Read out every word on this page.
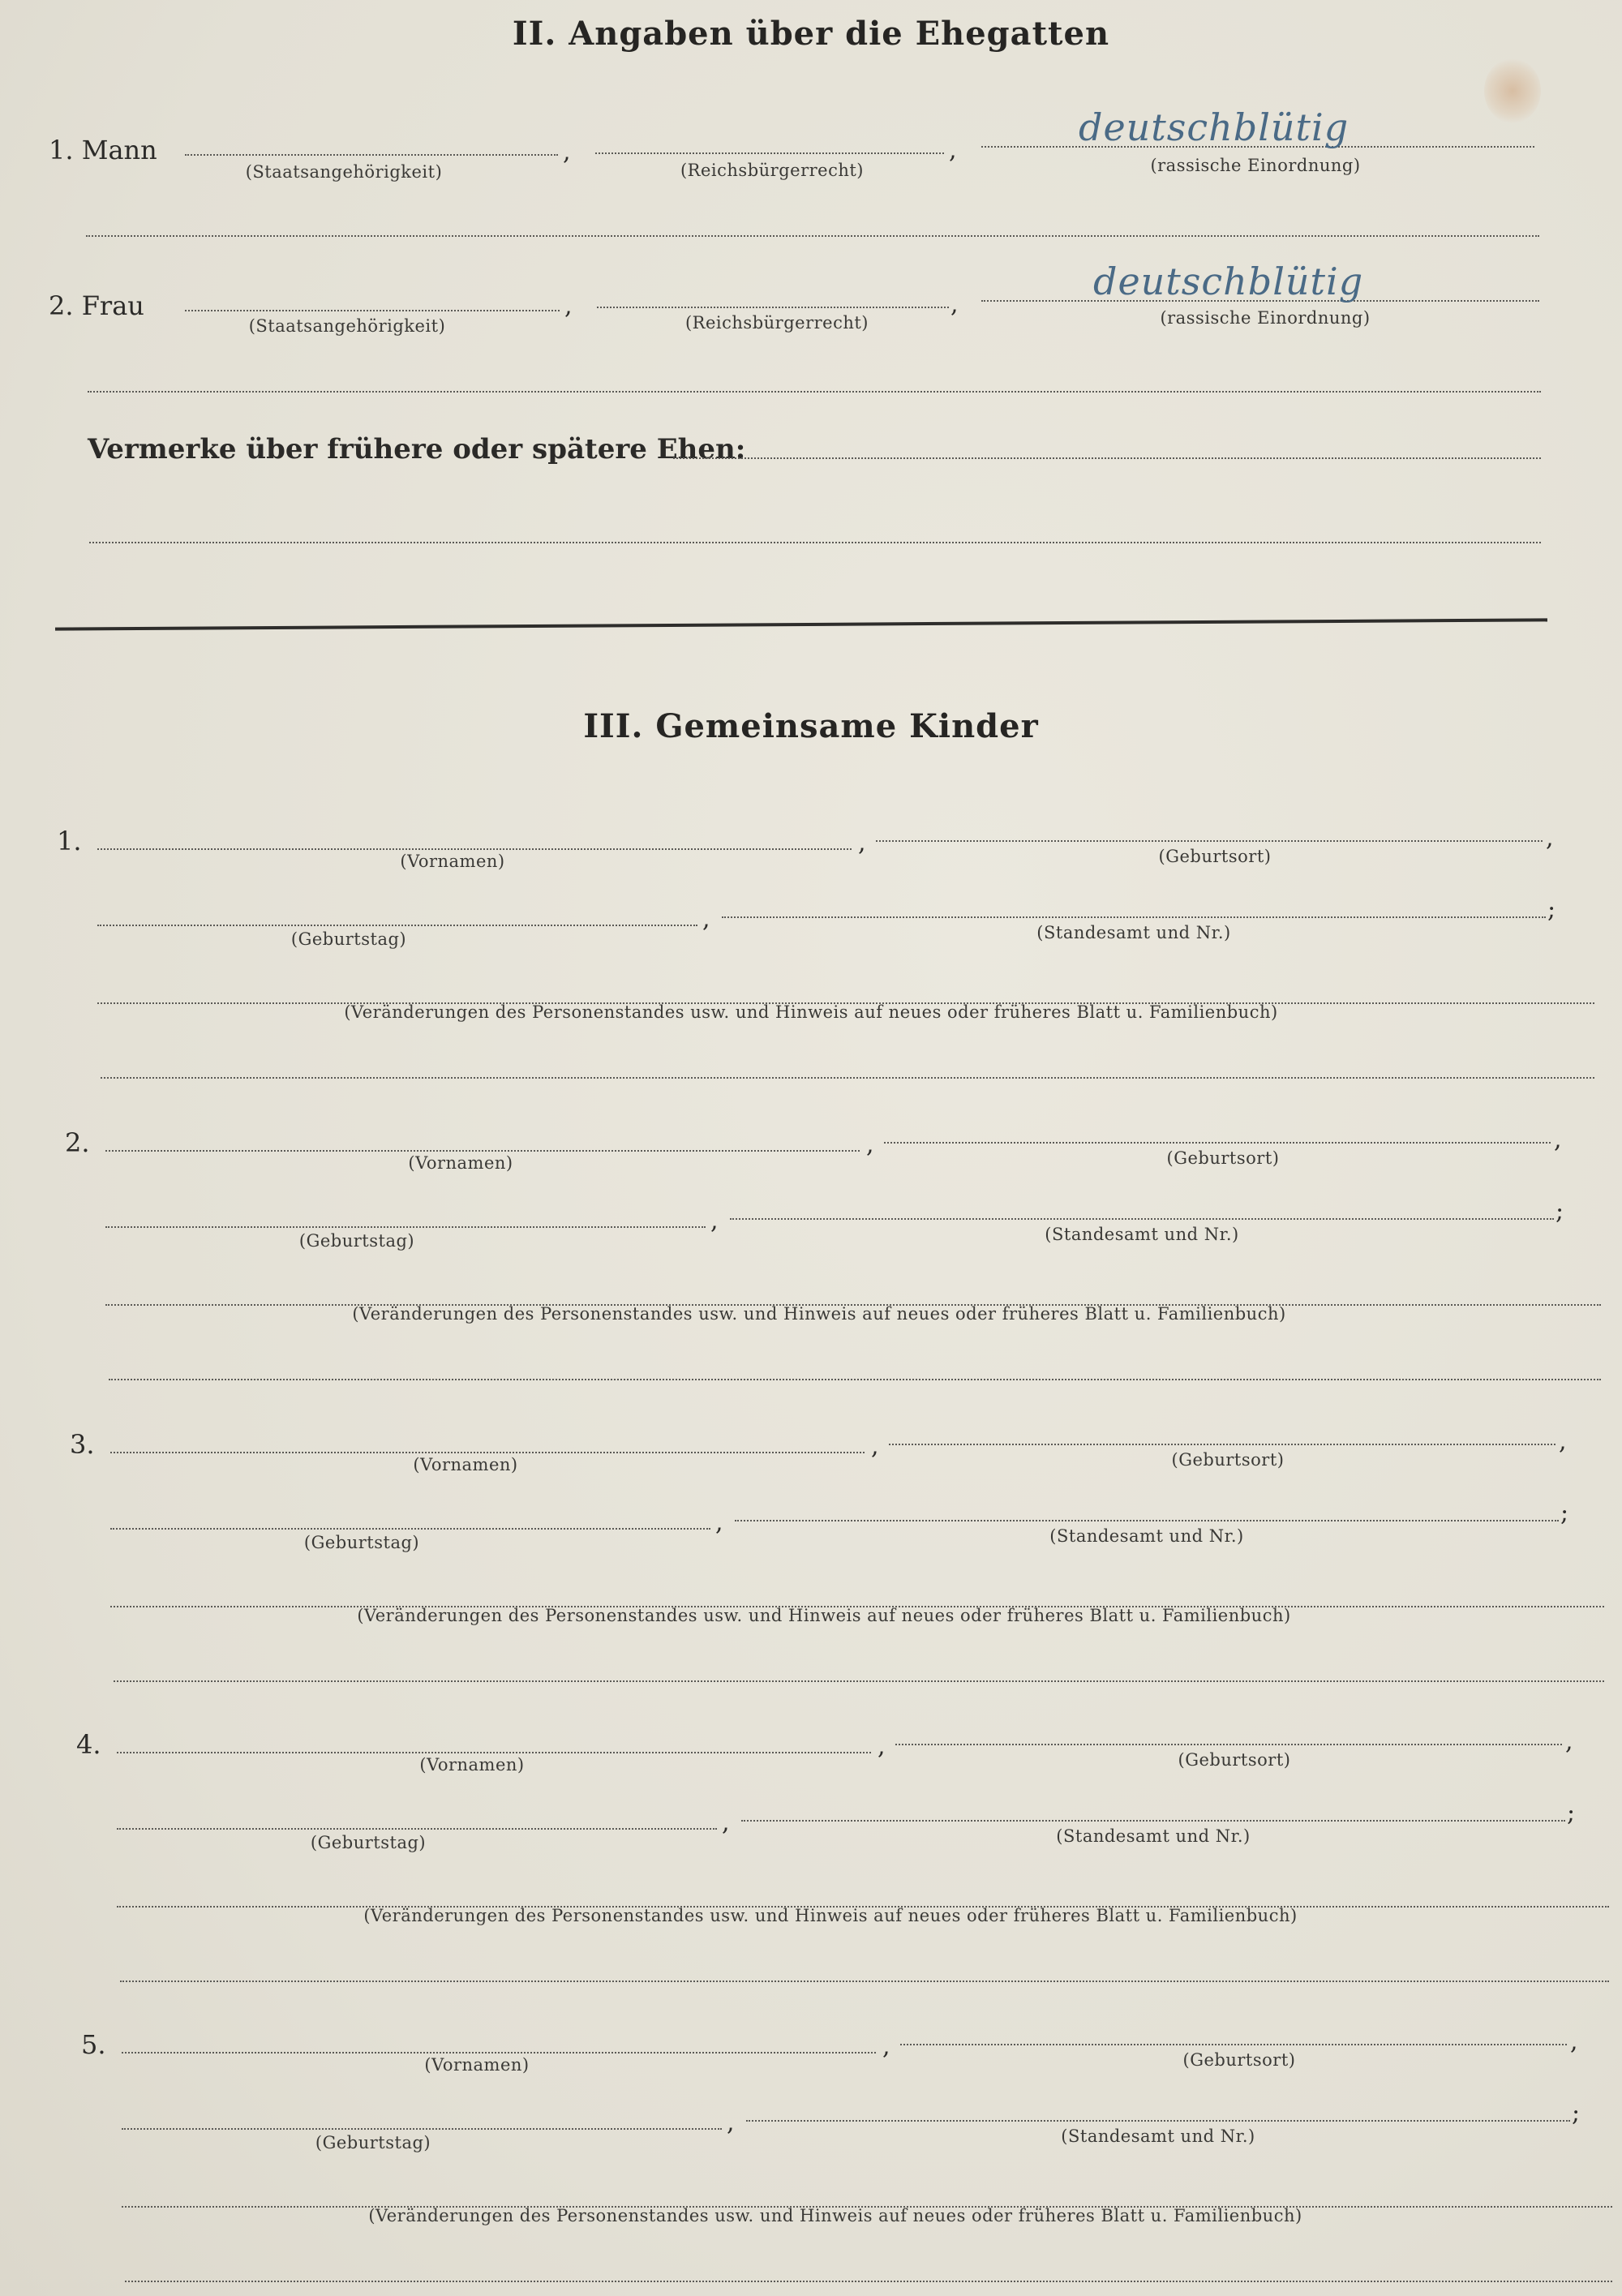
II. Angaben über die Ehegatten
1. Mann	,	,
deutschblütig
(Staatsangehörigkeit)	(Reichsbürgerrecht)	(rassische Einordnung)
2. Frau	,	,
deutschblütig
(Staatsangehörigkeit)	(Reichsbürgerrecht)	(rassische Einordnung)
Vermerke über frühere oder spätere Ehen:
III. Gemeinsame Kinder
1.	,	,
(Vornamen)	(Geburtsort)
,	;
(Geburtstag)	(Standesamt und Nr.)
(Veränderungen des Personenstandes usw. und Hinweis auf neues oder früheres Blatt u. Familienbuch)
2.	,	,
(Vornamen)	(Geburtsort)
,	;
(Geburtstag)	(Standesamt und Nr.)
(Veränderungen des Personenstandes usw. und Hinweis auf neues oder früheres Blatt u. Familienbuch)
3.	,	,
(Vornamen)	(Geburtsort)
,	;
(Geburtstag)	(Standesamt und Nr.)
(Veränderungen des Personenstandes usw. und Hinweis auf neues oder früheres Blatt u. Familienbuch)
4.	,	,
(Vornamen)	(Geburtsort)
,	;
(Geburtstag)	(Standesamt und Nr.)
(Veränderungen des Personenstandes usw. und Hinweis auf neues oder früheres Blatt u. Familienbuch)
5.	,	,
(Vornamen)	(Geburtsort)
,	;
(Geburtstag)	(Standesamt und Nr.)
(Veränderungen des Personenstandes usw. und Hinweis auf neues oder früheres Blatt u. Familienbuch)
